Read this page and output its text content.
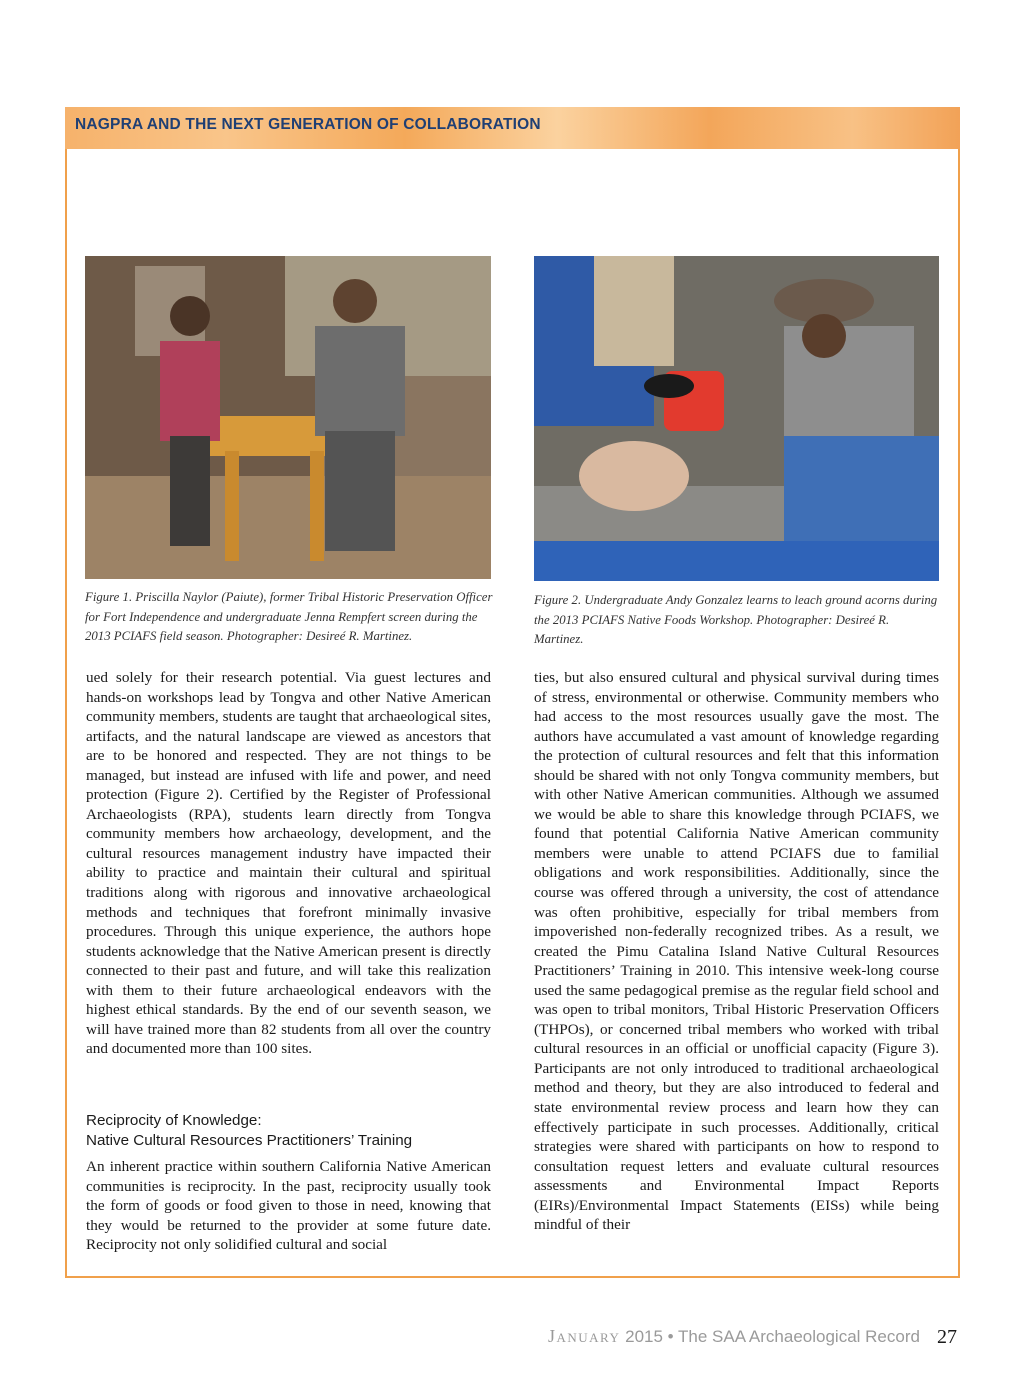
NAGPRA AND THE NEXT GENERATION OF COLLABORATION
Figure 1. Priscilla Naylor (Paiute), former Tribal Historic Preservation Officer for Fort Independence and undergraduate Jenna Rempfert screen during the 2013 PCIAFS field season. Photographer: Desireé R. Martinez.
Figure 2. Undergraduate Andy Gonzalez learns to leach ground acorns during the 2013 PCIAFS Native Foods Workshop. Photographer: Desireé R. Martinez.

ued solely for their research potential. Via guest lectures and hands-on workshops lead by Tongva and other Native American community members, students are taught that archaeological sites, artifacts, and the natural landscape are viewed as ancestors that are to be honored and respected. They are not things to be managed, but instead are infused with life and power, and need protection (Figure 2). Certified by the Register of Professional Archaeologists (RPA), students learn directly from Tongva community members how archaeology, development, and the cultural resources management industry have impacted their ability to practice and maintain their cultural and spiritual traditions along with rigorous and innovative archaeological methods and techniques that forefront minimally invasive procedures. Through this unique experience, the authors hope students acknowledge that the Native American present is directly connected to their past and future, and will take this realization with them to their future archaeological endeavors with the highest ethical standards. By the end of our seventh season, we will have trained more than 82 students from all over the country and documented more than 100 sites.

Reciprocity of Knowledge:
Native Cultural Resources Practitioners’ Training

An inherent practice within southern California Native American communities is reciprocity. In the past, reciprocity usually took the form of goods or food given to those in need, knowing that they would be returned to the provider at some future date. Reciprocity not only solidified cultural and social

ties, but also ensured cultural and physical survival during times of stress, environmental or otherwise. Community members who had access to the most resources usually gave the most. The authors have accumulated a vast amount of knowledge regarding the protection of cultural resources and felt that this information should be shared with not only Tongva community members, but with other Native American communities. Although we assumed we would be able to share this knowledge through PCIAFS, we found that potential California Native American community members were unable to attend PCIAFS due to familial obligations and work responsibilities. Additionally, since the course was offered through a university, the cost of attendance was often prohibitive, especially for tribal members from impoverished non-federally recognized tribes. As a result, we created the Pimu Catalina Island Native Cultural Resources Practitioners’ Training in 2010. This intensive week-long course used the same pedagogical premise as the regular field school and was open to tribal monitors, Tribal Historic Preservation Officers (THPOs), or concerned tribal members who worked with tribal cultural resources in an official or unofficial capacity (Figure 3). Participants are not only introduced to traditional archaeological method and theory, but they are also introduced to federal and state environmental review process and learn how they can effectively participate in such processes. Additionally, critical strategies were shared with participants on how to respond to consultation request letters and evaluate cultural resources assessments and Environmental Impact Reports (EIRs)/Environmental Impact Statements (EISs) while being mindful of their

January 2015 • The SAA Archaeological Record 27
